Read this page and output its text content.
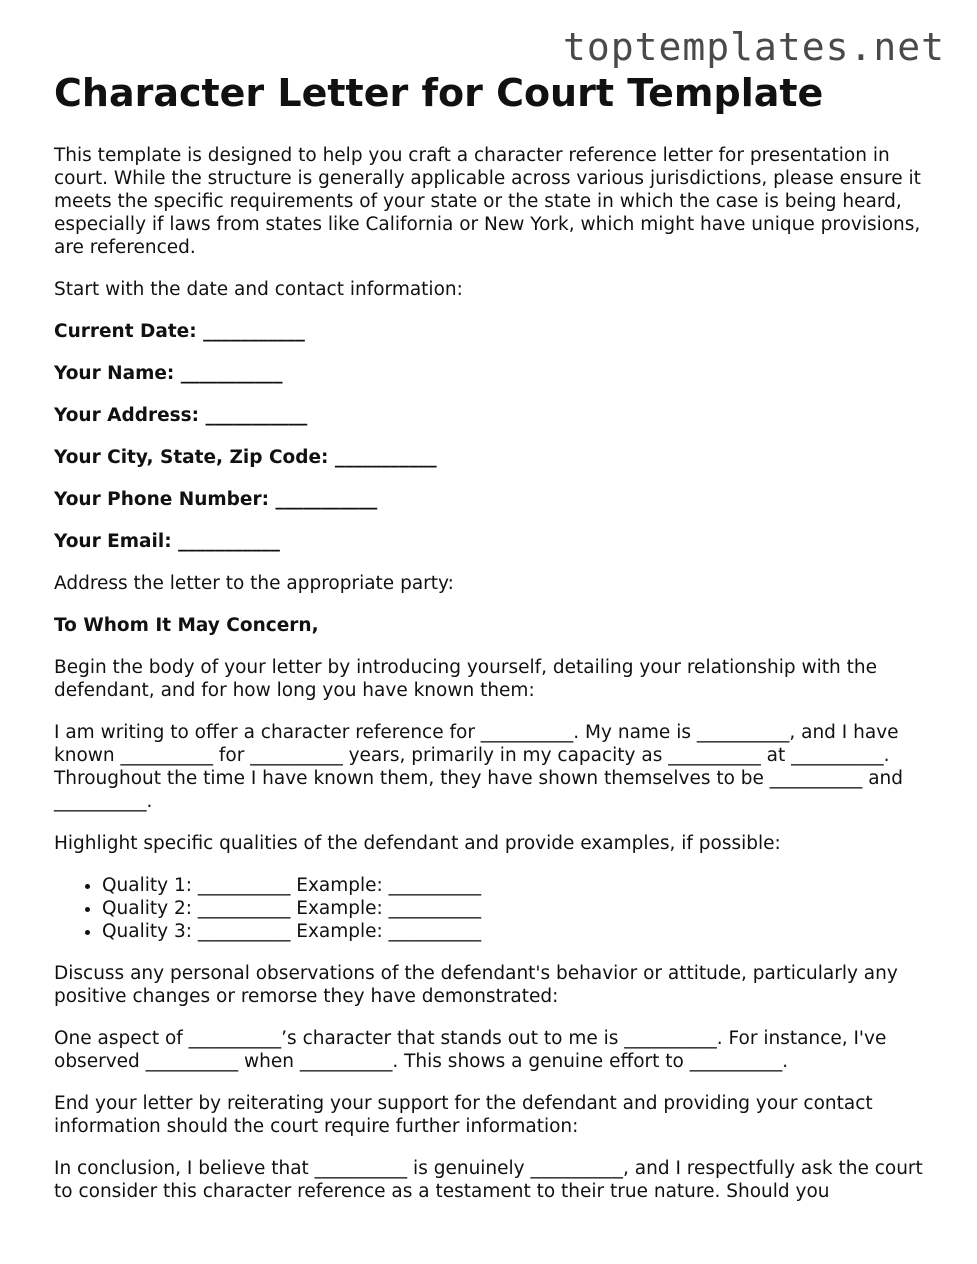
toptemplates.net
Character Letter for Court Template

This template is designed to help you craft a character reference letter for presentation in court. While the structure is generally applicable across various jurisdictions, please ensure it meets the specific requirements of your state or the state in which the case is being heard, especially if laws from states like California or New York, which might have unique provisions, are referenced.

Start with the date and contact information:

Current Date: ___________

Your Name: ___________

Your Address: ___________

Your City, State, Zip Code: ___________

Your Phone Number: ___________

Your Email: ___________

Address the letter to the appropriate party:

To Whom It May Concern,

Begin the body of your letter by introducing yourself, detailing your relationship with the defendant, and for how long you have known them:

I am writing to offer a character reference for __________. My name is __________, and I have known __________ for __________ years, primarily in my capacity as __________ at __________. Throughout the time I have known them, they have shown themselves to be __________ and __________.

Highlight specific qualities of the defendant and provide examples, if possible:

• Quality 1: __________ Example: __________
• Quality 2: __________ Example: __________
• Quality 3: __________ Example: __________

Discuss any personal observations of the defendant's behavior or attitude, particularly any positive changes or remorse they have demonstrated:

One aspect of __________’s character that stands out to me is __________. For instance, I've observed __________ when __________. This shows a genuine effort to __________.

End your letter by reiterating your support for the defendant and providing your contact information should the court require further information:

In conclusion, I believe that __________ is genuinely __________, and I respectfully ask the court to consider this character reference as a testament to their true nature. Should you
